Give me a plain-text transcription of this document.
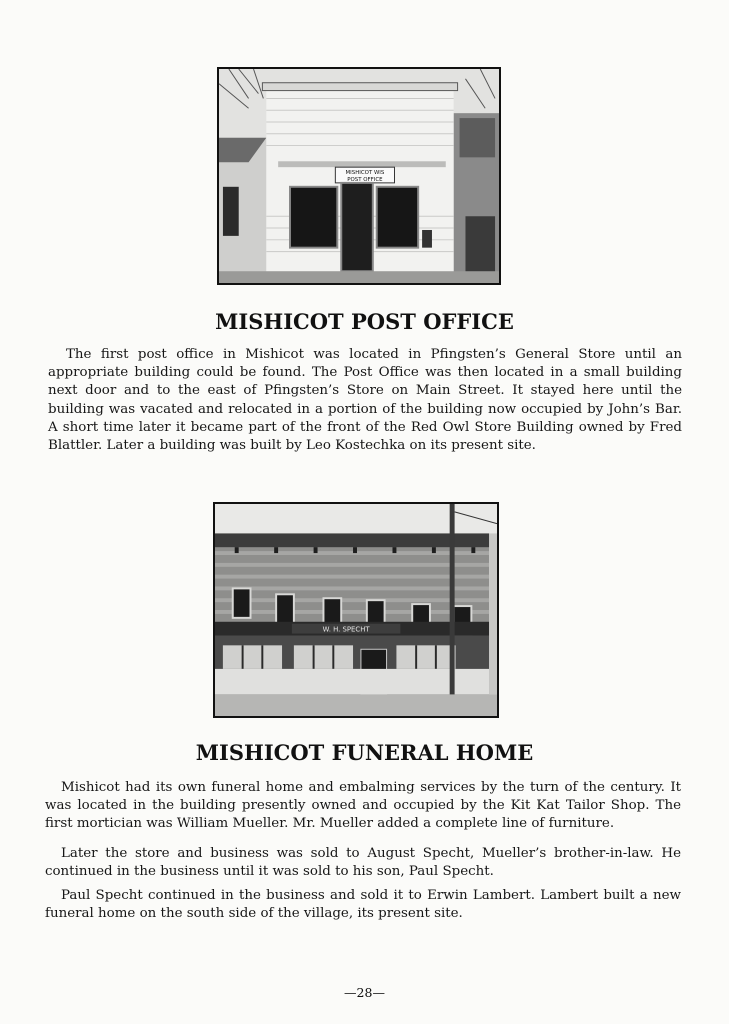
MISHICOT WIS
POST OFFICE
MISHICOT POST OFFICE

The first post office in Mishicot was located in Pfingsten’s General Store until an appropriate building could be found. The Post Office was then located in a small building next door and to the east of Pfingsten’s Store on Main Street. It stayed here until the building was vacated and relocated in a portion of the building now occupied by John’s Bar. A short time later it became part of the front of the Red Owl Store Building owned by Fred Blattler. Later a building was built by Leo Kostechka on its present site.

W. H. SPECHT
MISHICOT FUNERAL HOME

Mishicot had its own funeral home and embalming services by the turn of the century. It was located in the building presently owned and occupied by the Kit Kat Tailor Shop. The first mortician was William Mueller. Mr. Mueller added a complete line of furniture.

Later the store and business was sold to August Specht, Mueller’s brother-in-law. He continued in the business until it was sold to his son, Paul Specht.

Paul Specht continued in the business and sold it to Erwin Lambert. Lambert built a new funeral home on the south side of the village, its present site.

—28—
